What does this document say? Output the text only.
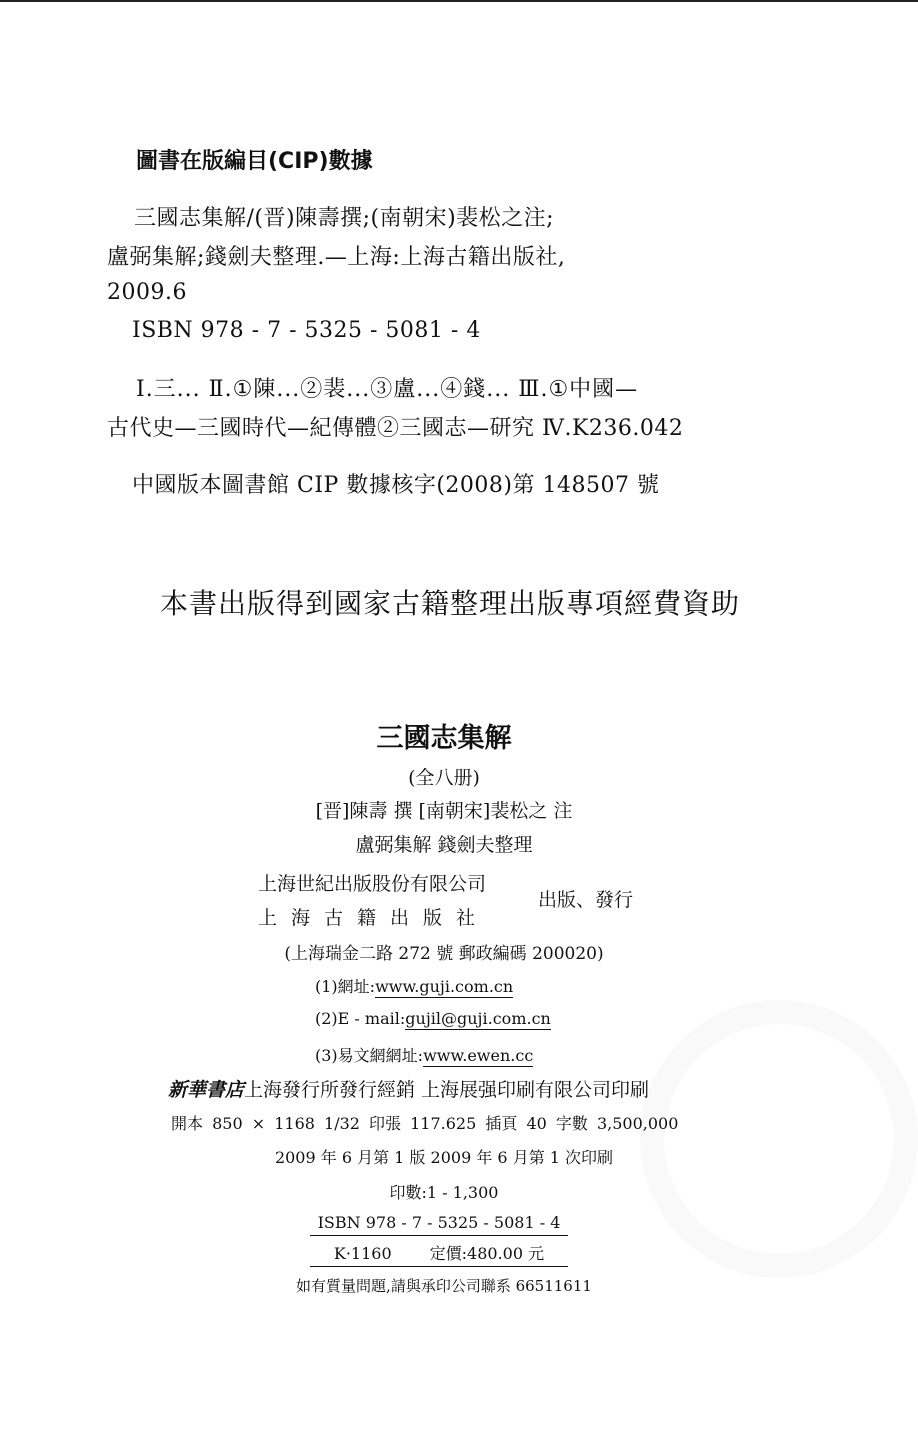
圖書在版編目(CIP)數據
三國志集解/(晋)陳壽撰;(南朝宋)裴松之注;
盧弼集解;錢劍夫整理.—上海:上海古籍出版社,
2009.6
ISBN 978 - 7 - 5325 - 5081 - 4
Ⅰ.三... Ⅱ.①陳...②裴...③盧...④錢... Ⅲ.①中國—
古代史—三國時代—紀傳體②三國志—研究 Ⅳ.K236.042
中國版本圖書館 CIP 數據核字(2008)第 148507 號
本書出版得到國家古籍整理出版專項經費資助
三國志集解
(全八册)
[晋]陳壽 撰 [南朝宋]裴松之 注
盧弼集解 錢劍夫整理
上海世紀出版股份有限公司
上海古籍出版社
出版、發行
(上海瑞金二路 272 號 郵政編碼 200020)
(1)網址:www.guji.com.cn
(2)E - mail:gujil@guji.com.cn
(3)易文網網址:www.ewen.cc
新華書店上海發行所發行經銷 上海展强印刷有限公司印刷
開本 850 × 1168 1/32 印張 117.625 插頁 40 字數 3,500,000
2009 年 6 月第 1 版 2009 年 6 月第 1 次印刷
印數:1 - 1,300
ISBN 978 - 7 - 5325 - 5081 - 4
K·1160 定價:480.00 元
如有質量問題,請與承印公司聯系 66511611
